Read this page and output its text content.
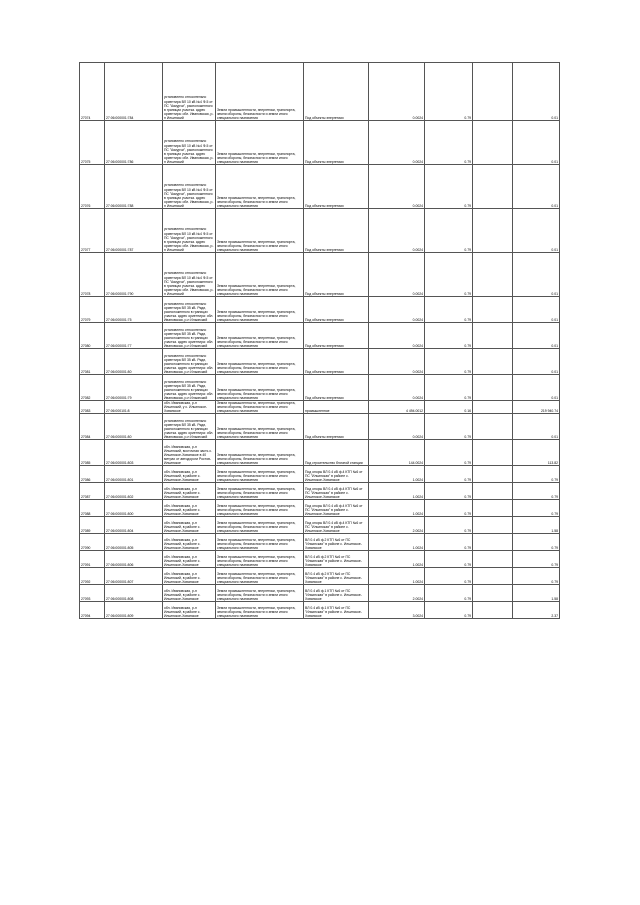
27074	27:06:000001:784	установлено относительно ориентира ВЛ 10 кВ №4 Ф-5 от ПС "Аякурчи", расположенного в границах участка. адрес ориентира: обл. Ивановская, р-н Ильинский	Земли промышленности, энергетики, транспорта, земли обороны, безопасности и земли иного специального назначения	Под объекты энергетики	0.0024	0.79		0.01
27075	27:06:000001:786	установлено относительно ориентира ВЛ 10 кВ №4 Ф-5 от ПС "Аякурчи", расположенного в границах участка. адрес ориентира: обл. Ивановская, р-н Ильинский	Земли промышленности, энергетики, транспорта, земли обороны, безопасности и земли иного специального назначения	Под объекты энергетики	0.0024	0.79		0.01
27076	27:06:000001:788	установлено относительно ориентира ВЛ 10 кВ №4 Ф-5 от ПС "Аякурчи", расположенного в границах участка. адрес ориентира: обл. Ивановская, р-н Ильинский	Земли промышленности, энергетики, транспорта, земли обороны, безопасности и земли иного специального назначения	Под объекты энергетики	0.0024	0.79		0.01
27077	27:06:000001:787	установлено относительно ориентира ВЛ 10 кВ №4 Ф-5 от ПС "Аякурчи", расположенного в границах участка. адрес ориентира: обл. Ивановская, р-н Ильинский	Земли промышленности, энергетики, транспорта, земли обороны, безопасности и земли иного специального назначения	Под объекты энергетики	0.0024	0.79		0.01
27078	27:06:000001:790	установлено относительно ориентира ВЛ 10 кВ №4 Ф-5 от ПС "Аякурчи", расположенного в границах участка. адрес ориентира: обл. Ивановская, р-н Ильинский	Земли промышленности, энергетики, транспорта, земли обороны, безопасности и земли иного специального назначения	Под объекты энергетики	0.0024	0.79		0.01
27079	27:06:000001:75	установлено относительно ориентира ВЛ 35 кВ. Ряди, расположенного в границах участка. адрес ориентира: обл. Ивановская, р-н Ильинский	Земли промышленности, энергетики, транспорта, земли обороны, безопасности и земли иного специального назначения	Под объекты энергетики	0.0024	0.79		0.01
27080	27:06:000001:77	установлено относительно ориентира ВЛ 35 кВ. Ряди, расположенного в границах участка. адрес ориентира: обл. Ивановская, р-н Ильинский	Земли промышленности, энергетики, транспорта, земли обороны, безопасности и земли иного специального назначения	Под объекты энергетики	0.0024	0.79		0.01
27081	27:06:000001:80	установлено относительно ориентира ВЛ 35 кВ. Ряди, расположенного в границах участка. адрес ориентира: обл. Ивановская, р-н Ильинский	Земли промышленности, энергетики, транспорта, земли обороны, безопасности и земли иного специального назначения	Под объекты энергетики	0.0024	0.79		0.01
27082	27:06:000001:79	установлено относительно ориентира ВЛ 35 кВ. Ряди, расположенного в границах участка. адрес ориентира: обл. Ивановская, р-н Ильинский	Земли промышленности, энергетики, транспорта, земли обороны, безопасности и земли иного специального назначения	Под объекты энергетики	0.0024	0.79		0.01
27083	27:06:000101:8	обл. Ивановская, р-н Ильинский, у с. Ильинское-Хованское	Земли промышленности, энергетики, транспорта, земли обороны, безопасности и земли иного специального назначения	промышленное	4 494.0012	0.16		219 940.74
27084	27:06:000001:80	установлено относительно ориентира ВЛ 35 кВ. Ряди, расположенного в границах участка. адрес ориентира: обл. Ивановская, р-н Ильинский	Земли промышленности, энергетики, транспорта, земли обороны, безопасности и земли иного специального назначения	Под объекты энергетики	0.0024	0.79		0.01
27085	27:06:000001:803	обл. Ивановская, р-н Ильинский, восточная часть с. Ильинское-Хованское в 40 метрах от автодороги Ростов-Ильинское	Земли промышленности, энергетики, транспорта, земли обороны, безопасности и земли иного специального назначения	Под строительство блочной станции	144.0024	0.79		113.82
27086	27:06:000001:801	обл. Ивановская, р-н Ильинский, в районе с. Ильинское-Хованское	Земли промышленности, энергетики, транспорта, земли обороны, безопасности и земли иного специального назначения	Под опоры ВЛ 0.4 кВ ф.4 КТП №6 от ПС "Ильинская" в районе с. Ильинское-Хованское	1.0024	0.79		0.79
27087	27:06:000001:802	обл. Ивановская, р-н Ильинский, в районе с. Ильинское-Хованское	Земли промышленности, энергетики, транспорта, земли обороны, безопасности и земли иного специального назначения	Под опоры ВЛ 0.4 кВ ф.4 КТП №6 от ПС "Ильинская" в районе с. Ильинское-Хованское	1.0024	0.79		0.79
27088	27:06:000001:800	обл. Ивановская, р-н Ильинский, в районе с. Ильинское-Хованское	Земли промышленности, энергетики, транспорта, земли обороны, безопасности и земли иного специального назначения	Под опоры ВЛ 0.4 кВ ф.4 КТП №6 от ПС "Ильинская" в районе с. Ильинское-Хованское	1.0024	0.79		0.79
27089	27:06:000001:804	обл. Ивановская, р-н Ильинский, в районе с. Ильинское-Хованское	Земли промышленности, энергетики, транспорта, земли обороны, безопасности и земли иного специального назначения	Под опоры ВЛ 0.4 кВ ф.4 КТП №6 от ПС "Ильинская" в районе с. Ильинское-Хованское	2.0024	0.79		1.58
27090	27:06:000001:805	обл. Ивановская, р-н Ильинский, в районе с. Ильинское-Хованское	Земли промышленности, энергетики, транспорта, земли обороны, безопасности и земли иного специального назначения	ВЛ 0.4 кВ ф.2 КТП №6 от ПС "Ильинская" в районе с. Ильинское-Хованское	1.0024	0.79		0.79
27091	27:06:000001:806	обл. Ивановская, р-н Ильинский, в районе с. Ильинское-Хованское	Земли промышленности, энергетики, транспорта, земли обороны, безопасности и земли иного специального назначения	ВЛ 0.4 кВ ф.2 КТП №6 от ПС "Ильинская" в районе с. Ильинское-Хованское	1.0024	0.79		0.79
27092	27:06:000001:807	обл. Ивановская, р-н Ильинский, в районе с. Ильинское-Хованское	Земли промышленности, энергетики, транспорта, земли обороны, безопасности и земли иного специального назначения	ВЛ 0.4 кВ ф.2 КТП №6 от ПС "Ильинская" в районе с. Ильинское-Хованское	1.0024	0.79		0.79
27093	27:06:000001:808	обл. Ивановская, р-н Ильинский, в районе с. Ильинское-Хованское	Земли промышленности, энергетики, транспорта, земли обороны, безопасности и земли иного специального назначения	ВЛ 0.4 кВ ф.1 КТП №6 от ПС "Ильинская" в районе с. Ильинское-Хованское	2.0024	0.79		1.58
27094	27:06:000001:809	обл. Ивановская, р-н Ильинский, в районе с. Ильинское-Хованское	Земли промышленности, энергетики, транспорта, земли обороны, безопасности и земли иного специального назначения	ВЛ 0.4 кВ ф.1 КТП №6 от ПС "Ильинская" в районе с. Ильинское-Хованское	3.0024	0.79		2.37
